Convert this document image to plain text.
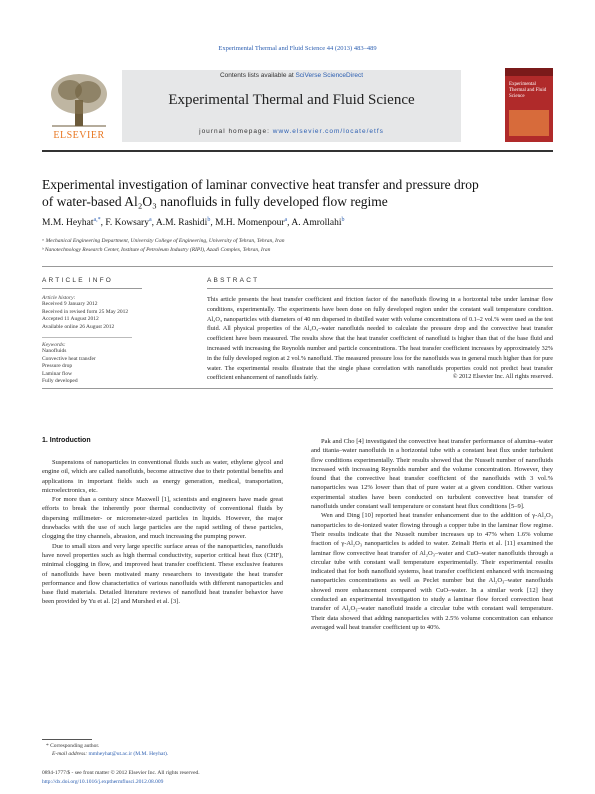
Experimental Thermal and Fluid Science 44 (2013) 483–489
ELSEVIER
Contents lists available at SciVerse ScienceDirect
Experimental Thermal and Fluid Science
journal homepage: www.elsevier.com/locate/etfs
Experimental Thermal and Fluid Science
Experimental investigation of laminar convective heat transfer and pressure drop
of water-based Al₂O₃ nanofluids in fully developed flow regime
M.M. Heyhat$^{a,*}$, F. Kowsary$^a$, A.M. Rashidi$^b$, M.H. Momenpour$^a$, A. Amrollahi$^b$
ᵃ Mechanical Engineering Department, University College of Engineering, University of Tehran, Tehran, Iran
ᵇ Nanotechnology Research Center, Institute of Petroleum Industry (RIPI), Azadi Complex, Tehran, Iran
ARTICLE INFO
Article history:
Received 9 January 2012
Received in revised form 25 May 2012
Accepted 11 August 2012
Available online 26 August 2012
Keywords:
Nanofluids
Convective heat transfer
Pressure drop
Laminar flow
Fully developed
ABSTRACT
This article presents the heat transfer coefficient and friction factor of the nanofluids flowing in a horizontal tube under laminar flow conditions, experimentally. The experiments have been done on fully developed region under the constant wall temperature condition. Al₂O₃ nanoparticles with diameters of 40 nm dispersed in distilled water with volume concentrations of 0.1–2 vol.% were used as the test fluid. All physical properties of the Al₂O₃–water nanofluids needed to calculate the pressure drop and the convective heat transfer coefficient have been measured. The results show that the heat transfer coefficient of nanofluid is higher than that of the base fluid and increased with increasing the Reynolds number and particle concentrations. The heat transfer coefficient increases by approximately 32% in the fully developed region at 2 vol.% nanofluid. The measured pressure loss for the nanofluids was in general much higher than for pure water. The experimental results illustrate that the single phase correlation with nanofluids properties could not predict heat transfer coefficient enhancement of nanofluids fairly.	© 2012 Elsevier Inc. All rights reserved.
1. Introduction

Suspensions of nanoparticles in conventional fluids such as water, ethylene glycol and engine oil, which are called nanofluids, become attractive due to their potential benefits and applications in important fields such as energy generation, medical, transportation, microelectronics, etc.

For more than a century since Maxwell [1], scientists and engineers have made great efforts to break the inherently poor thermal conductivity of conventional fluids by dispersing millimeter- or micrometer-sized particles in liquids. However, the major drawbacks with the use of such large particles are the rapid settling of these particles, clogging the tiny channels, abrasion, and much increasing the pumping power.

Due to small sizes and very large specific surface areas of the nanoparticles, nanofluids have novel properties such as high thermal conductivity, superior critical heat flux (CHF), minimal clogging in flow, and improved heat transfer coefficient. These exclusive features of nanofluids have been motivated many researchers to investigate the heat transfer performance and flow characteristics of various nanofluids with different nanoparticles and base fluid materials. Detailed literature reviews of nanofluid heat transfer behavior have been provided by Yu et al. [2] and Murshed et al. [3].

Pak and Cho [4] investigated the convective heat transfer performance of alumina–water and titania–water nanofluids in a horizontal tube with a constant heat flux under turbulent flow conditions experimentally. Their results showed that the Nusselt number of nanofluids increased with increasing Reynolds number and the volume concentration. However, they found that the convective heat transfer coefficient of the nanofluids with 3 vol.% nanoparticles was 12% lower than that of pure water at a given condition. Other various experimental studies have been conducted on turbulent convective heat transfer of nanofluids under constant wall temperature or constant heat flux conditions [5–9].

Wen and Ding [10] reported heat transfer enhancement due to the addition of γ-Al₂O₃ nanoparticles to de-ionized water flowing through a copper tube in the laminar flow regime. Their results indicate that the Nusselt number increases up to 47% when 1.6% volume fraction of γ-Al₂O₃ nanoparticles is added to water. Zeinali Heris et al. [11] examined the laminar flow convective heat transfer of Al₂O₃–water and CuO–water nanofluids through a circular tube with constant wall temperature experimentally. Their experimental results indicated that for both nanofluid systems, heat transfer coefficient enhanced with increasing nanoparticles concentrations as well as Peclet number but the Al₂O₃–water nanofluids showed more enhancement compared with CuO–water. In a similar work [12] they conducted an experimental investigation to study a laminar flow forced convection heat transfer of Al₂O₃–water nanofluid inside a circular tube with constant wall temperature. Their data showed that adding nanoparticles with 2.5% volume concentration can enhance averaged wall heat transfer coefficient up to 40%.

* Corresponding author.
E-mail address: mmheyhat@ut.ac.ir (M.M. Heyhat).
0894-1777/$ - see front matter © 2012 Elsevier Inc. All rights reserved.
http://dx.doi.org/10.1016/j.expthermflusci.2012.08.009
